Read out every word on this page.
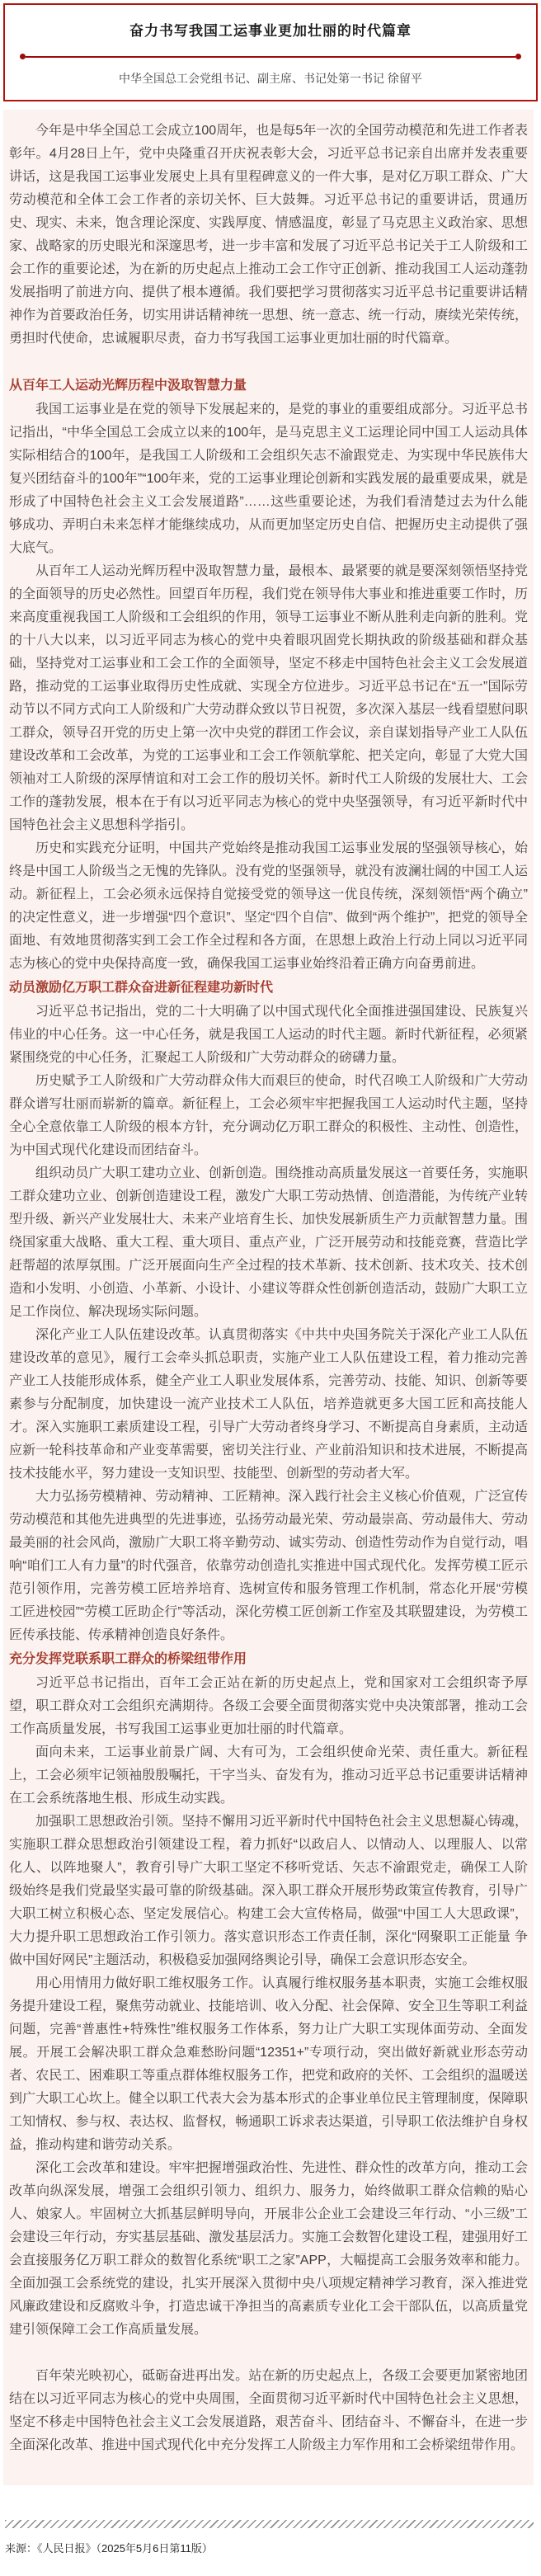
奋力书写我国工运事业更加壮丽的时代篇章

中华全国总工会党组书记、副主席、书记处第一书记 徐留平

今年是中华全国总工会成立100周年，也是每5年一次的全国劳动模范和先进工作者表彰年。4月28日上午，党中央隆重召开庆祝表彰大会，习近平总书记亲自出席并发表重要讲话，这是我国工运事业发展史上具有里程碑意义的一件大事，是对亿万职工群众、广大劳动模范和全体工会工作者的亲切关怀、巨大鼓舞。习近平总书记的重要讲话，贯通历史、现实、未来，饱含理论深度、实践厚度、情感温度，彰显了马克思主义政治家、思想家、战略家的历史眼光和深邃思考，进一步丰富和发展了习近平总书记关于工人阶级和工会工作的重要论述，为在新的历史起点上推动工会工作守正创新、推动我国工人运动蓬勃发展指明了前进方向、提供了根本遵循。我们要把学习贯彻落实习近平总书记重要讲话精神作为首要政治任务，切实用讲话精神统一思想、统一意志、统一行动，赓续光荣传统，勇担时代使命，忠诚履职尽责，奋力书写我国工运事业更加壮丽的时代篇章。

从百年工人运动光辉历程中汲取智慧力量

我国工运事业是在党的领导下发展起来的，是党的事业的重要组成部分。习近平总书记指出，“中华全国总工会成立以来的100年，是马克思主义工运理论同中国工人运动具体实际相结合的100年，是我国工人阶级和工会组织矢志不渝跟党走、为实现中华民族伟大复兴团结奋斗的100年”“100年来，党的工运事业理论创新和实践发展的最重要成果，就是形成了中国特色社会主义工会发展道路”……这些重要论述，为我们看清楚过去为什么能够成功、弄明白未来怎样才能继续成功，从而更加坚定历史自信、把握历史主动提供了强大底气。

从百年工人运动光辉历程中汲取智慧力量，最根本、最紧要的就是要深刻领悟坚持党的全面领导的历史必然性。回望百年历程，我们党在领导伟大事业和推进重要工作时，历来高度重视我国工人阶级和工会组织的作用，领导工运事业不断从胜利走向新的胜利。党的十八大以来，以习近平同志为核心的党中央着眼巩固党长期执政的阶级基础和群众基础，坚持党对工运事业和工会工作的全面领导，坚定不移走中国特色社会主义工会发展道路，推动党的工运事业取得历史性成就、实现全方位进步。习近平总书记在“五一”国际劳动节以不同方式向工人阶级和广大劳动群众致以节日祝贺，多次深入基层一线看望慰问职工群众，领导召开党的历史上第一次中央党的群团工作会议，亲自谋划指导产业工人队伍建设改革和工会改革，为党的工运事业和工会工作领航掌舵、把关定向，彰显了大党大国领袖对工人阶级的深厚情谊和对工会工作的殷切关怀。新时代工人阶级的发展壮大、工会工作的蓬勃发展，根本在于有以习近平同志为核心的党中央坚强领导，有习近平新时代中国特色社会主义思想科学指引。

历史和实践充分证明，中国共产党始终是推动我国工运事业发展的坚强领导核心，始终是中国工人阶级当之无愧的先锋队。没有党的坚强领导，就没有波澜壮阔的中国工人运动。新征程上，工会必须永远保持自觉接受党的领导这一优良传统，深刻领悟“两个确立”的决定性意义，进一步增强“四个意识”、坚定“四个自信”、做到“两个维护”，把党的领导全面地、有效地贯彻落实到工会工作全过程和各方面，在思想上政治上行动上同以习近平同志为核心的党中央保持高度一致，确保我国工运事业始终沿着正确方向奋勇前进。

动员激励亿万职工群众奋进新征程建功新时代

习近平总书记指出，党的二十大明确了以中国式现代化全面推进强国建设、民族复兴伟业的中心任务。这一中心任务，就是我国工人运动的时代主题。新时代新征程，必须紧紧围绕党的中心任务，汇聚起工人阶级和广大劳动群众的磅礴力量。

历史赋予工人阶级和广大劳动群众伟大而艰巨的使命，时代召唤工人阶级和广大劳动群众谱写壮丽而崭新的篇章。新征程上，工会必须牢牢把握我国工人运动时代主题，坚持全心全意依靠工人阶级的根本方针，充分调动亿万职工群众的积极性、主动性、创造性，为中国式现代化建设而团结奋斗。

组织动员广大职工建功立业、创新创造。围绕推动高质量发展这一首要任务，实施职工群众建功立业、创新创造建设工程，激发广大职工劳动热情、创造潜能，为传统产业转型升级、新兴产业发展壮大、未来产业培育生长、加快发展新质生产力贡献智慧力量。围绕国家重大战略、重大工程、重大项目、重点产业，广泛开展劳动和技能竞赛，营造比学赶帮超的浓厚氛围。广泛开展面向生产全过程的技术革新、技术创新、技术攻关、技术创造和小发明、小创造、小革新、小设计、小建议等群众性创新创造活动，鼓励广大职工立足工作岗位、解决现场实际问题。

深化产业工人队伍建设改革。认真贯彻落实《中共中央国务院关于深化产业工人队伍建设改革的意见》，履行工会牵头抓总职责，实施产业工人队伍建设工程，着力推动完善产业工人技能形成体系，健全产业工人职业发展体系，完善劳动、技能、知识、创新等要素参与分配制度，加快建设一流产业技术工人队伍，培养造就更多大国工匠和高技能人才。深入实施职工素质建设工程，引导广大劳动者终身学习、不断提高自身素质，主动适应新一轮科技革命和产业变革需要，密切关注行业、产业前沿知识和技术进展，不断提高技术技能水平，努力建设一支知识型、技能型、创新型的劳动者大军。

大力弘扬劳模精神、劳动精神、工匠精神。深入践行社会主义核心价值观，广泛宣传劳动模范和其他先进典型的先进事迹，弘扬劳动最光荣、劳动最崇高、劳动最伟大、劳动最美丽的社会风尚，激励广大职工将辛勤劳动、诚实劳动、创造性劳动作为自觉行动，唱响“咱们工人有力量”的时代强音，依靠劳动创造扎实推进中国式现代化。发挥劳模工匠示范引领作用，完善劳模工匠培养培育、选树宣传和服务管理工作机制，常态化开展“劳模工匠进校园”“劳模工匠助企行”等活动，深化劳模工匠创新工作室及其联盟建设，为劳模工匠传承技能、传承精神创造良好条件。

充分发挥党联系职工群众的桥梁纽带作用

习近平总书记指出，百年工会正站在新的历史起点上，党和国家对工会组织寄予厚望，职工群众对工会组织充满期待。各级工会要全面贯彻落实党中央决策部署，推动工会工作高质量发展，书写我国工运事业更加壮丽的时代篇章。

面向未来，工运事业前景广阔、大有可为，工会组织使命光荣、责任重大。新征程上，工会必须牢记领袖殷殷嘱托，干字当头、奋发有为，推动习近平总书记重要讲话精神在工会系统落地生根、形成生动实践。

加强职工思想政治引领。坚持不懈用习近平新时代中国特色社会主义思想凝心铸魂，实施职工群众思想政治引领建设工程，着力抓好“以政启人、以情动人、以理服人、以常化人、以阵地聚人”，教育引导广大职工坚定不移听党话、矢志不渝跟党走，确保工人阶级始终是我们党最坚实最可靠的阶级基础。深入职工群众开展形势政策宣传教育，引导广大职工树立积极心态、坚定发展信心。构建工会大宣传格局，做强“中国工人大思政课”，大力提升职工思想政治工作引领力。落实意识形态工作责任制，深化“网聚职工正能量 争做中国好网民”主题活动，积极稳妥加强网络舆论引导，确保工会意识形态安全。

用心用情用力做好职工维权服务工作。认真履行维权服务基本职责，实施工会维权服务提升建设工程，聚焦劳动就业、技能培训、收入分配、社会保障、安全卫生等职工利益问题，完善“普惠性+特殊性”维权服务工作体系，努力让广大职工实现体面劳动、全面发展。开展工会解决职工群众急难愁盼问题“12351+”专项行动，突出做好新就业形态劳动者、农民工、困难职工等重点群体维权服务工作，把党和政府的关怀、工会组织的温暖送到广大职工心坎上。健全以职工代表大会为基本形式的企事业单位民主管理制度，保障职工知情权、参与权、表达权、监督权，畅通职工诉求表达渠道，引导职工依法维护自身权益，推动构建和谐劳动关系。

深化工会改革和建设。牢牢把握增强政治性、先进性、群众性的改革方向，推动工会改革向纵深发展，增强工会组织引领力、组织力、服务力，始终做职工群众信赖的贴心人、娘家人。牢固树立大抓基层鲜明导向，开展非公企业工会建设三年行动、“小三级”工会建设三年行动，夯实基层基础、激发基层活力。实施工会数智化建设工程，建强用好工会直接服务亿万职工群众的数智化系统“职工之家”APP，大幅提高工会服务效率和能力。全面加强工会系统党的建设，扎实开展深入贯彻中央八项规定精神学习教育，深入推进党风廉政建设和反腐败斗争，打造忠诚干净担当的高素质专业化工会干部队伍，以高质量党建引领保障工会工作高质量发展。

百年荣光映初心，砥砺奋进再出发。站在新的历史起点上，各级工会要更加紧密地团结在以习近平同志为核心的党中央周围，全面贯彻习近平新时代中国特色社会主义思想，坚定不移走中国特色社会主义工会发展道路，艰苦奋斗、团结奋斗、不懈奋斗，在进一步全面深化改革、推进中国式现代化中充分发挥工人阶级主力军作用和工会桥梁纽带作用。

来源：《人民日报》（2025年5月6日第11版）
